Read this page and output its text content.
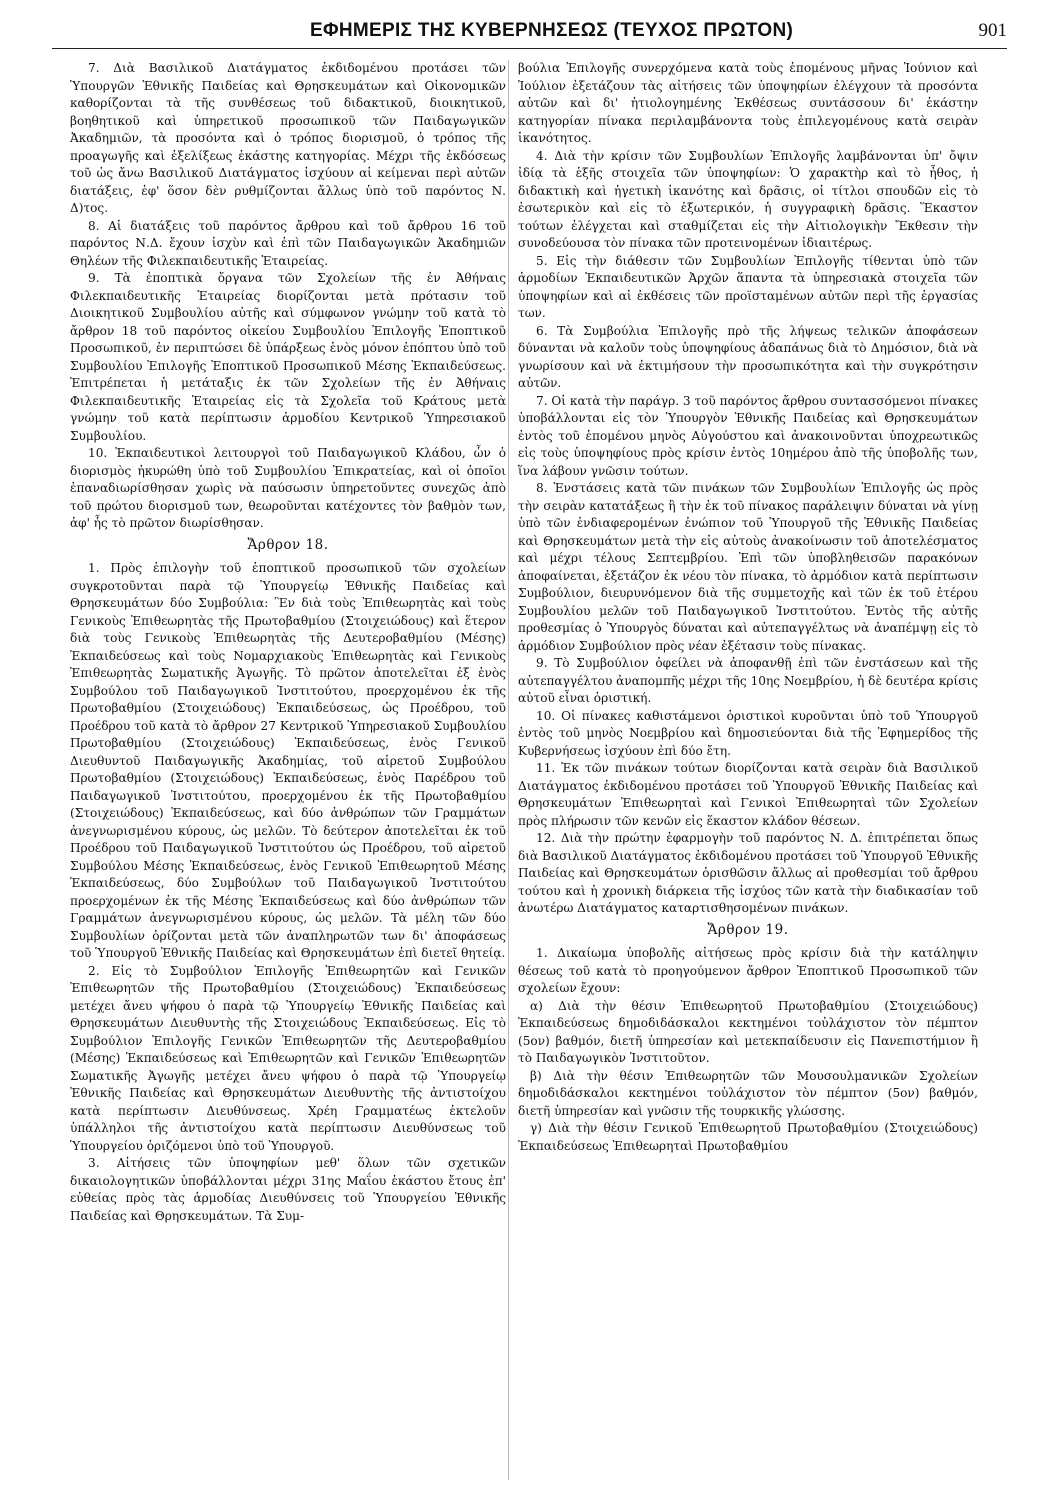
ΕΦΗΜΕΡΙΣ ΤΗΣ ΚΥΒΕΡΝΗΣΕΩΣ (ΤΕΥΧΟΣ ΠΡΩΤΟΝ)	901

7. Διὰ Βασιλικοῦ Διατάγματος ἐκδιδομένου προτάσει τῶν Ὑπουργῶν Ἐθνικῆς Παιδείας καὶ Θρησκευμάτων καὶ Οἰκονομικῶν καθορίζονται τὰ τῆς συνθέσεως τοῦ διδακτικοῦ, διοικητικοῦ, βοηθητικοῦ καὶ ὑπηρετικοῦ προσωπικοῦ τῶν Παιδαγωγικῶν Ἀκαδημιῶν, τὰ προσόντα καὶ ὁ τρόπος διορισμοῦ, ὁ τρόπος τῆς προαγωγῆς καὶ ἐξελίξεως ἑκάστης κατηγορίας. Μέχρι τῆς ἐκδόσεως τοῦ ὡς ἄνω Βασιλικοῦ Διατάγματος ἰσχύουν αἱ κείμεναι περὶ αὐτῶν διατάξεις, ἐφ' ὅσον δὲν ρυθμίζονται ἄλλως ὑπὸ τοῦ παρόντος Ν. Δ)τος.

8. Αἱ διατάξεις τοῦ παρόντος ἄρθρου καὶ τοῦ ἄρθρου 16 τοῦ παρόντος Ν.Δ. ἔχουν ἰσχὺν καὶ ἐπὶ τῶν Παιδαγωγικῶν Ἀκαδημιῶν Θηλέων τῆς Φιλεκπαιδευτικῆς Ἑταιρείας.

9. Τὰ ἐποπτικὰ ὄργανα τῶν Σχολείων τῆς ἐν Ἀθήναις Φιλεκπαιδευτικῆς Ἑταιρείας διορίζονται μετὰ πρότασιν τοῦ Διοικητικοῦ Συμβουλίου αὐτῆς καὶ σύμφωνον γνώμην τοῦ κατὰ τὸ ἄρθρον 18 τοῦ παρόντος οἰκείου Συμβουλίου Ἐπιλογῆς Ἐποπτικοῦ Προσωπικοῦ, ἐν περιπτώσει δὲ ὑπάρξεως ἑνὸς μόνον ἐπόπτου ὑπὸ τοῦ Συμβουλίου Ἐπιλογῆς Ἐποπτικοῦ Προσωπικοῦ Μέσης Ἐκπαιδεύσεως. Ἐπιτρέπεται ἡ μετάταξις ἐκ τῶν Σχολείων τῆς ἐν Ἀθήναις Φιλεκπαιδευτικῆς Ἑταιρείας εἰς τὰ Σχολεῖα τοῦ Κράτους μετὰ γνώμην τοῦ κατὰ περίπτωσιν ἁρμοδίου Κεντρικοῦ Ὑπηρεσιακοῦ Συμβουλίου.

10. Ἐκπαιδευτικοὶ λειτουργοὶ τοῦ Παιδαγωγικοῦ Κλάδου, ὧν ὁ διορισμὸς ἠκυρώθη ὑπὸ τοῦ Συμβουλίου Ἐπικρατείας, καὶ οἱ ὁποῖοι ἐπαναδιωρίσθησαν χωρὶς νὰ παύσωσιν ὑπηρετοῦντες συνεχῶς ἀπὸ τοῦ πρώτου διορισμοῦ των, θεωροῦνται κατέχοντες τὸν βαθμὸν των, ἀφ' ἧς τὸ πρῶτον διωρίσθησαν.

Ἄρθρον 18.

1. Πρὸς ἐπιλογὴν τοῦ ἐποπτικοῦ προσωπικοῦ τῶν σχολείων συγκροτοῦνται παρὰ τῷ Ὑπουργείῳ Ἐθνικῆς Παιδείας καὶ Θρησκευμάτων δύο Συμβούλια: Ἓν διὰ τοὺς Ἐπιθεωρητὰς καὶ τοὺς Γενικοὺς Ἐπιθεωρητὰς τῆς Πρωτοβαθμίου (Στοιχειώδους) καὶ ἕτερον διὰ τοὺς Γενικοὺς Ἐπιθεωρητὰς τῆς Δευτεροβαθμίου (Μέσης) Ἐκπαιδεύσεως καὶ τοὺς Νομαρχιακοὺς Ἐπιθεωρητὰς καὶ Γενικοὺς Ἐπιθεωρητὰς Σωματικῆς Ἀγωγῆς. Τὸ πρῶτον ἀποτελεῖται ἐξ ἑνὸς Συμβούλου τοῦ Παιδαγωγικοῦ Ἰνστιτούτου, προερχομένου ἐκ τῆς Πρωτοβαθμίου (Στοιχειώδους) Ἐκπαιδεύσεως, ὡς Προέδρου, τοῦ Προέδρου τοῦ κατὰ τὸ ἄρθρον 27 Κεντρικοῦ Ὑπηρεσιακοῦ Συμβουλίου Πρωτοβαθμίου (Στοιχειώδους) Ἐκπαιδεύσεως, ἑνὸς Γενικοῦ Διευθυντοῦ Παιδαγωγικῆς Ἀκαδημίας, τοῦ αἱρετοῦ Συμβούλου Πρωτοβαθμίου (Στοιχειώδους) Ἐκπαιδεύσεως, ἑνὸς Παρέδρου τοῦ Παιδαγωγικοῦ Ἰνστιτούτου, προερχομένου ἐκ τῆς Πρωτοβαθμίου (Στοιχειώδους) Ἐκπαιδεύσεως, καὶ δύο ἀνθρώπων τῶν Γραμμάτων ἀνεγνωρισμένου κύρους, ὡς μελῶν. Τὸ δεύτερον ἀποτελεῖται ἐκ τοῦ Προέδρου τοῦ Παιδαγωγικοῦ Ἰνστιτούτου ὡς Προέδρου, τοῦ αἱρετοῦ Συμβούλου Μέσης Ἐκπαιδεύσεως, ἑνὸς Γενικοῦ Ἐπιθεωρητοῦ Μέσης Ἐκπαιδεύσεως, δύο Συμβούλων τοῦ Παιδαγωγικοῦ Ἰνστιτούτου προερχομένων ἐκ τῆς Μέσης Ἐκπαιδεύσεως καὶ δύο ἀνθρώπων τῶν Γραμμάτων ἀνεγνωρισμένου κύρους, ὡς μελῶν. Τὰ μέλη τῶν δύο Συμβουλίων ὁρίζονται μετὰ τῶν ἀναπληρωτῶν των δι' ἀποφάσεως τοῦ Ὑπουργοῦ Ἐθνικῆς Παιδείας καὶ Θρησκευμάτων ἐπὶ διετεῖ θητείᾳ.

2. Εἰς τὸ Συμβούλιον Ἐπιλογῆς Ἐπιθεωρητῶν καὶ Γενικῶν Ἐπιθεωρητῶν τῆς Πρωτοβαθμίου (Στοιχειώδους) Ἐκπαιδεύσεως μετέχει ἄνευ ψήφου ὁ παρὰ τῷ Ὑπουργείῳ Ἐθνικῆς Παιδείας καὶ Θρησκευμάτων Διευθυντὴς τῆς Στοιχειώδους Ἐκπαιδεύσεως. Εἰς τὸ Συμβούλιον Ἐπιλογῆς Γενικῶν Ἐπιθεωρητῶν τῆς Δευτεροβαθμίου (Μέσης) Ἐκπαιδεύσεως καὶ Ἐπιθεωρητῶν καὶ Γενικῶν Ἐπιθεωρητῶν Σωματικῆς Ἀγωγῆς μετέχει ἄνευ ψήφου ὁ παρὰ τῷ Ὑπουργείῳ Ἐθνικῆς Παιδείας καὶ Θρησκευμάτων Διευθυντὴς τῆς ἀντιστοίχου κατὰ περίπτωσιν Διευθύνσεως. Χρέη Γραμματέως ἐκτελοῦν ὑπάλληλοι τῆς ἀντιστοίχου κατὰ περίπτωσιν Διευθύνσεως τοῦ Ὑπουργείου ὁριζόμενοι ὑπὸ τοῦ Ὑπουργοῦ.

3. Αἰτήσεις τῶν ὑποψηφίων μεθ' ὅλων τῶν σχετικῶν δικαιολογητικῶν ὑποβάλλονται μέχρι 31ης Μαΐου ἑκάστου ἔτους ἐπ' εὐθείας πρὸς τὰς ἁρμοδίας Διευθύνσεις τοῦ Ὑπουργείου Ἐθνικῆς Παιδείας καὶ Θρησκευμάτων. Τὰ Συμ-

βούλια Ἐπιλογῆς συνερχόμενα κατὰ τοὺς ἑπομένους μῆνας Ἰούνιον καὶ Ἰούλιον ἐξετάζουν τὰς αἰτήσεις τῶν ὑποψηφίων ἐλέγχουν τὰ προσόντα αὐτῶν καὶ δι' ἠτιολογημένης Ἐκθέσεως συντάσσουν δι' ἑκάστην κατηγορίαν πίνακα περιλαμβάνοντα τοὺς ἐπιλεγομένους κατὰ σειρὰν ἱκανότητος.

4. Διὰ τὴν κρίσιν τῶν Συμβουλίων Ἐπιλογῆς λαμβάνονται ὑπ' ὄψιν ἰδίᾳ τὰ ἑξῆς στοιχεῖα τῶν ὑποψηφίων: Ὁ χαρακτὴρ καὶ τὸ ἦθος, ἡ διδακτικὴ καὶ ἡγετικὴ ἱκανότης καὶ δρᾶσις, οἱ τίτλοι σπουδῶν εἰς τὸ ἐσωτερικὸν καὶ εἰς τὸ ἐξωτερικόν, ἡ συγγραφικὴ δρᾶσις. Ἕκαστον τούτων ἐλέγχεται καὶ σταθμίζεται εἰς τὴν Αἰτιολογικὴν Ἔκθεσιν τὴν συνοδεύουσα τὸν πίνακα τῶν προτεινομένων ἰδιαιτέρως.

5. Εἰς τὴν διάθεσιν τῶν Συμβουλίων Ἐπιλογῆς τίθενται ὑπὸ τῶν ἁρμοδίων Ἐκπαιδευτικῶν Ἀρχῶν ἅπαντα τὰ ὑπηρεσιακὰ στοιχεῖα τῶν ὑποψηφίων καὶ αἱ ἐκθέσεις τῶν προϊσταμένων αὐτῶν περὶ τῆς ἐργασίας των.

6. Τὰ Συμβούλια Ἐπιλογῆς πρὸ τῆς λήψεως τελικῶν ἀποφάσεων δύνανται νὰ καλοῦν τοὺς ὑποψηφίους ἀδαπάνως διὰ τὸ Δημόσιον, διὰ νὰ γνωρίσουν καὶ νὰ ἐκτιμήσουν τὴν προσωπικότητα καὶ τὴν συγκρότησιν αὐτῶν.

7. Οἱ κατὰ τὴν παράγρ. 3 τοῦ παρόντος ἄρθρου συντασσόμενοι πίνακες ὑποβάλλονται εἰς τὸν Ὑπουργὸν Ἐθνικῆς Παιδείας καὶ Θρησκευμάτων ἐντὸς τοῦ ἑπομένου μηνὸς Αὐγούστου καὶ ἀνακοινοῦνται ὑποχρεωτικῶς εἰς τοὺς ὑποψηφίους πρὸς κρίσιν ἐντὸς 10ημέρου ἀπὸ τῆς ὑποβολῆς των, ἵνα λάβουν γνῶσιν τούτων.

8. Ἐνστάσεις κατὰ τῶν πινάκων τῶν Συμβουλίων Ἐπιλογῆς ὡς πρὸς τὴν σειρὰν κατατάξεως ἢ τὴν ἐκ τοῦ πίνακος παράλειψιν δύναται νὰ γίνῃ ὑπὸ τῶν ἐνδιαφερομένων ἐνώπιον τοῦ Ὑπουργοῦ τῆς Ἐθνικῆς Παιδείας καὶ Θρησκευμάτων μετὰ τὴν εἰς αὐτοὺς ἀνακοίνωσιν τοῦ ἀποτελέσματος καὶ μέχρι τέλους Σεπτεμβρίου. Ἐπὶ τῶν ὑποβληθεισῶν παρακόνων ἀποφαίνεται, ἐξετάζον ἐκ νέου τὸν πίνακα, τὸ ἁρμόδιον κατὰ περίπτωσιν Συμβούλιον, διευρυνόμενον διὰ τῆς συμμετοχῆς καὶ τῶν ἐκ τοῦ ἑτέρου Συμβουλίου μελῶν τοῦ Παιδαγωγικοῦ Ἰνστιτούτου. Ἐντὸς τῆς αὐτῆς προθεσμίας ὁ Ὑπουργὸς δύναται καὶ αὐτεπαγγέλτως νὰ ἀναπέμψῃ εἰς τὸ ἁρμόδιον Συμβούλιον πρὸς νέαν ἐξέτασιν τοὺς πίνακας.

9. Τὸ Συμβούλιον ὀφείλει νὰ ἀποφανθῇ ἐπὶ τῶν ἐνστάσεων καὶ τῆς αὐτεπαγγέλτου ἀναπομπῆς μέχρι τῆς 10ης Νοεμβρίου, ἡ δὲ δευτέρα κρίσις αὐτοῦ εἶναι ὁριστική.

10. Οἱ πίνακες καθιστάμενοι ὁριστικοὶ κυροῦνται ὑπὸ τοῦ Ὑπουργοῦ ἐντὸς τοῦ μηνὸς Νοεμβρίου καὶ δημοσιεύονται διὰ τῆς Ἐφημερίδος τῆς Κυβερνήσεως ἰσχύουν ἐπὶ δύο ἔτη.

11. Ἐκ τῶν πινάκων τούτων διορίζονται κατὰ σειρὰν διὰ Βασιλικοῦ Διατάγματος ἐκδιδομένου προτάσει τοῦ Ὑπουργοῦ Ἐθνικῆς Παιδείας καὶ Θρησκευμάτων Ἐπιθεωρηταὶ καὶ Γενικοὶ Ἐπιθεωρηταὶ τῶν Σχολείων πρὸς πλήρωσιν τῶν κενῶν εἰς ἕκαστον κλάδον θέσεων.

12. Διὰ τὴν πρώτην ἐφαρμογὴν τοῦ παρόντος Ν. Δ. ἐπιτρέπεται ὅπως διὰ Βασιλικοῦ Διατάγματος ἐκδιδομένου προτάσει τοῦ Ὑπουργοῦ Ἐθνικῆς Παιδείας καὶ Θρησκευμάτων ὁρισθῶσιν ἄλλως αἱ προθεσμίαι τοῦ ἄρθρου τούτου καὶ ἡ χρονικὴ διάρκεια τῆς ἰσχύος τῶν κατὰ τὴν διαδικασίαν τοῦ ἀνωτέρω Διατάγματος καταρτισθησομένων πινάκων.

Ἄρθρον 19.

1. Δικαίωμα ὑποβολῆς αἰτήσεως πρὸς κρίσιν διὰ τὴν κατάληψιν θέσεως τοῦ κατὰ τὸ προηγούμενον ἄρθρον Ἐποπτικοῦ Προσωπικοῦ τῶν σχολείων ἔχουν:

α) Διὰ τὴν θέσιν Ἐπιθεωρητοῦ Πρωτοβαθμίου (Στοιχειώδους) Ἐκπαιδεύσεως δημοδιδάσκαλοι κεκτημένοι τοὐλάχιστον τὸν πέμπτον (5ον) βαθμόν, διετῆ ὑπηρεσίαν καὶ μετεκπαίδευσιν εἰς Πανεπιστήμιον ἢ τὸ Παιδαγωγικὸν Ἰνστιτοῦτον.

β) Διὰ τὴν θέσιν Ἐπιθεωρητῶν τῶν Μουσουλμανικῶν Σχολείων δημοδιδάσκαλοι κεκτημένοι τοὐλάχιστον τὸν πέμπτον (5ον) βαθμόν, διετῆ ὑπηρεσίαν καὶ γνῶσιν τῆς τουρκικῆς γλώσσης.

γ) Διὰ τὴν θέσιν Γενικοῦ Ἐπιθεωρητοῦ Πρωτοβαθμίου (Στοιχειώδους) Ἐκπαιδεύσεως Ἐπιθεωρηταὶ Πρωτοβαθμίου
